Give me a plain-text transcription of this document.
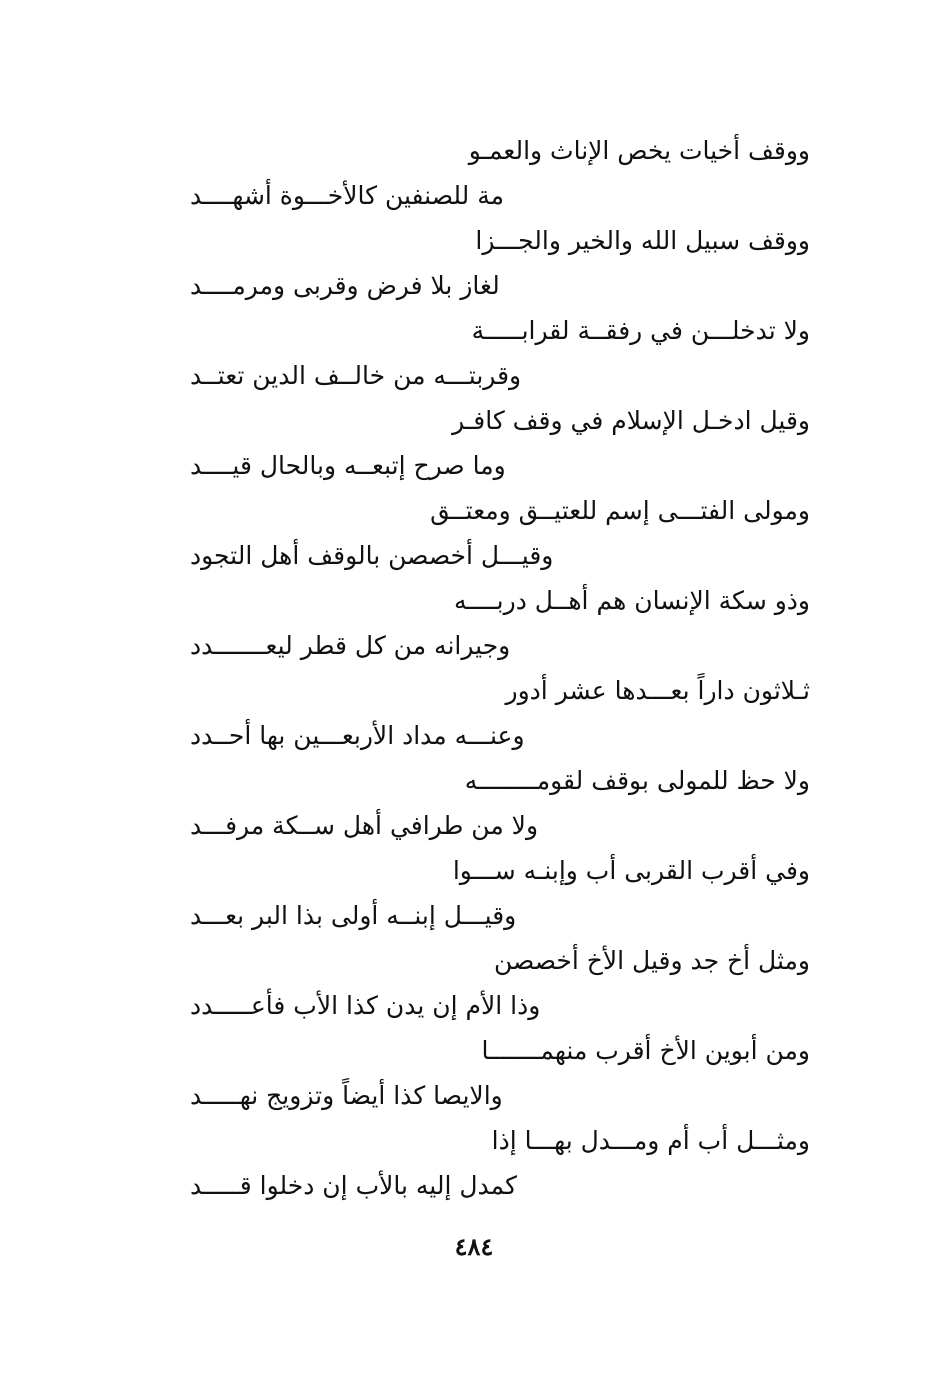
ووقف أخيات يخص الإناث والعمـو
مة للصنفين كالأخـــوة أشهــــد
ووقف سبيل الله والخير والجـــزا
لغاز بلا فرض وقربى ومرمــــد
ولا تدخلـــن في رفقــة لقرابـــــة
وقربتـــه من خالــف الدين تعتــد
وقيل ادخـل الإسلام في وقف كافـر
وما صرح إتبعــه وبالحال قيــــد
ومولى الفتـــى إسم للعتيــق ومعتــق
وقيـــل أخصصن بالوقف أهل التجود
وذو سكة الإنسان هم أهــل دربــــه
وجيرانه من كل قطر ليعـــــــدد
ثـلاثون داراً بعـــدها عشر أدور
وعنـــه مداد الأربعـــين بها أحــدد
ولا حظ للمولى بوقف لقومــــــــه
ولا من طرافي أهل ســكة مرفـــد
وفي أقرب القربى أب وإبنـه ســـوا
وقيـــل إبنــه أولى بذا البر بعـــد
ومثل أخ جد وقيل الأخ أخصصن
وذا الأم إن يدن كذا الأب فأعـــــدد
ومن أبوين الأخ أقرب منهمـــــــا
والايصا كذا أيضاً وتزويج نهـــــد
ومثـــل أب أم ومـــدل بهـــا إذا
كمدل إليه بالأب إن دخلوا قـــــد
٤٨٤
